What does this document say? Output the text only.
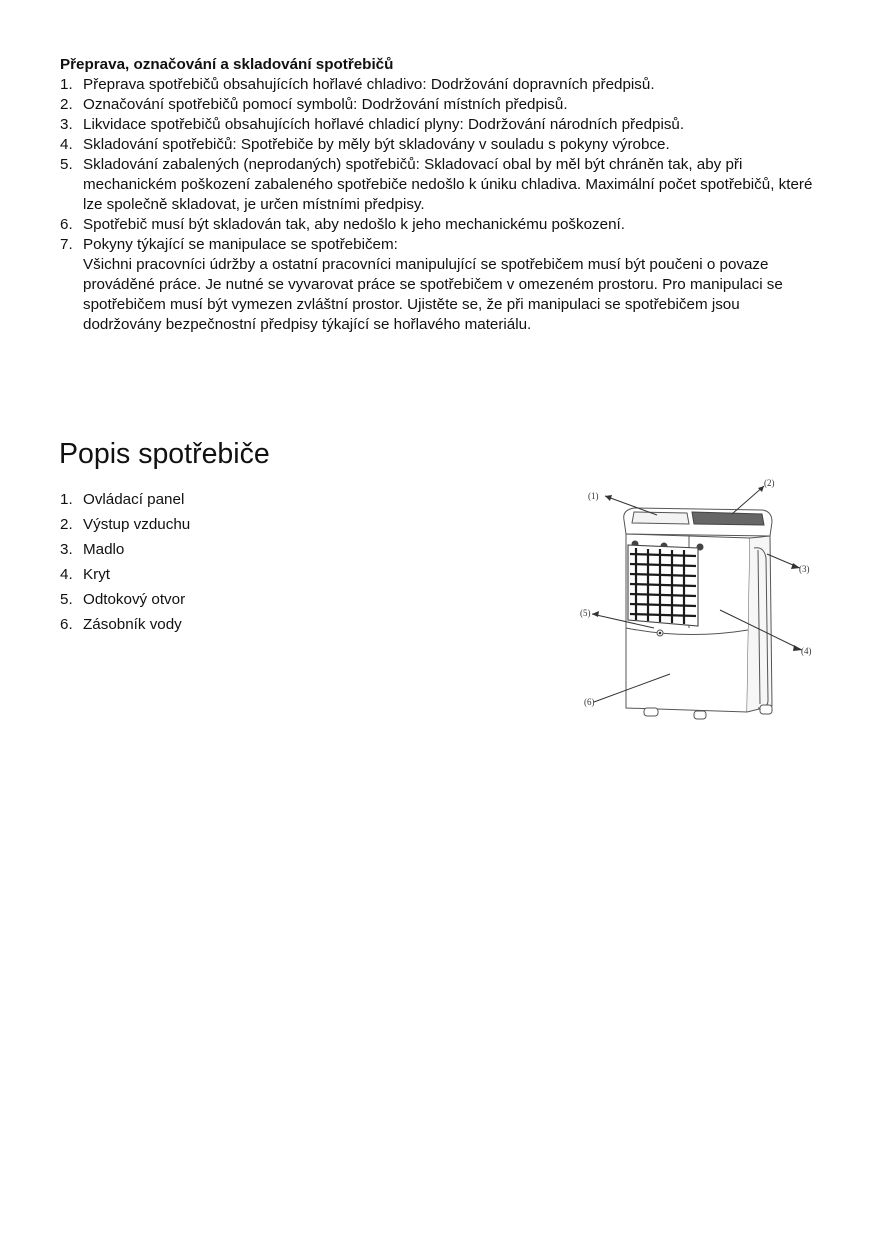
Přeprava, označování a skladování spotřebičů

1. Přeprava spotřebičů obsahujících hořlavé chladivo: Dodržování dopravních předpisů.
2. Označování spotřebičů pomocí symbolů: Dodržování místních předpisů.
3. Likvidace spotřebičů obsahujících hořlavé chladicí plyny: Dodržování národních předpisů.
4. Skladování spotřebičů: Spotřebiče by měly být skladovány v souladu s pokyny výrobce.
5. Skladování zabalených (neprodaných) spotřebičů: Skladovací obal by měl být chráněn tak, aby při mechanickém poškození zabaleného spotřebiče nedošlo k úniku chladiva. Maximální počet spotřebičů, které lze společně skladovat, je určen místními předpisy.
6. Spotřebič musí být skladován tak, aby nedošlo k jeho mechanickému poškození.
7. Pokyny týkající se manipulace se spotřebičem:
Všichni pracovníci údržby a ostatní pracovníci manipulující se spotřebičem musí být poučeni o povaze prováděné práce. Je nutné se vyvarovat práce se spotřebičem v omezeném prostoru. Pro manipulaci se spotřebičem musí být vymezen zvláštní prostor. Ujistěte se, že při manipulaci se spotřebičem jsou dodržovány bezpečnostní předpisy týkající se hořlavého materiálu.
Popis spotřebiče
1. Ovládací panel
2. Výstup vzduchu
3. Madlo
4. Kryt
5. Odtokový otvor
6. Zásobník vody
(1)
(2)
(3)
(4)
(5)
(6)
